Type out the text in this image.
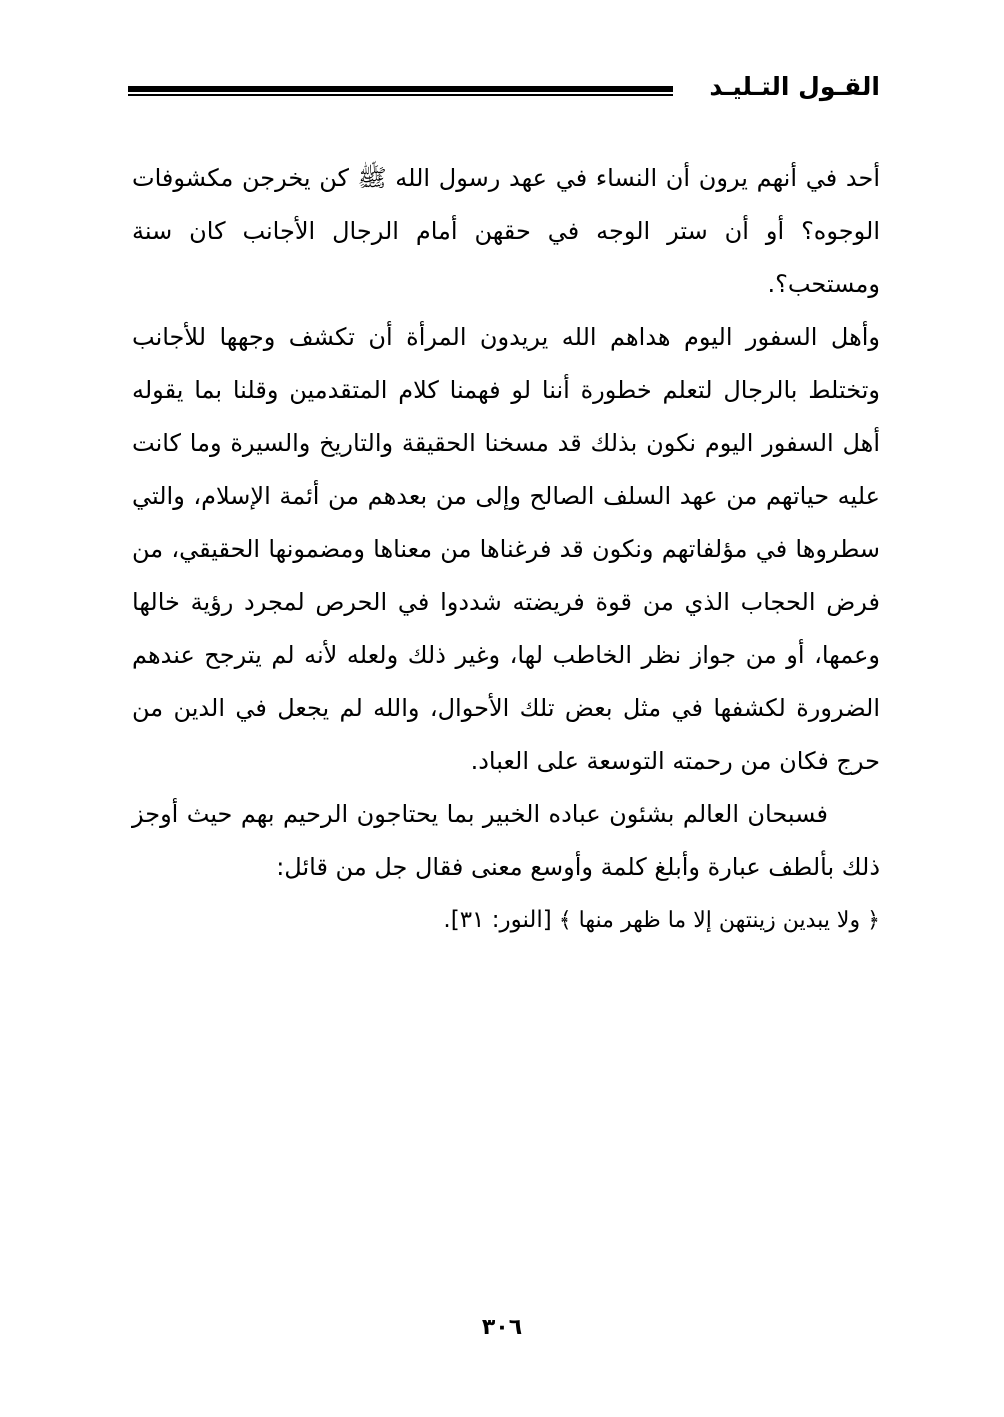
القـول التـليـد

أحد في أنهم يرون أن النساء في عهد رسول الله ﷺ كن يخرجن مكشوفات الوجوه؟ أو أن ستر الوجه في حقهن أمام الرجال الأجانب كان سنة ومستحب؟.

وأهل السفور اليوم هداهم الله يريدون المرأة أن تكشف وجهها للأجانب وتختلط بالرجال لتعلم خطورة أننا لو فهمنا كلام المتقدمين وقلنا بما يقوله أهل السفور اليوم نكون بذلك قد مسخنا الحقيقة والتاريخ والسيرة وما كانت عليه حياتهم من عهد السلف الصالح وإلى من بعدهم من أئمة الإسلام، والتي سطروها في مؤلفاتهم ونكون قد فرغناها من معناها ومضمونها الحقيقي، من فرض الحجاب الذي من قوة فريضته شددوا في الحرص لمجرد رؤية خالها وعمها، أو من جواز نظر الخاطب لها، وغير ذلك ولعله لأنه لم يترجح عندهم الضرورة لكشفها في مثل بعض تلك الأحوال، والله لم يجعل في الدين من حرج فكان من رحمته التوسعة على العباد.

فسبحان العالم بشئون عباده الخبير بما يحتاجون الرحيم بهم حيث أوجز ذلك بألطف عبارة وأبلغ كلمة وأوسع معنى فقال جل من قائل:

﴿ ولا يبدين زينتهن إلا ما ظهر منها ﴾ [النور: ٣١].

٣٠٦
